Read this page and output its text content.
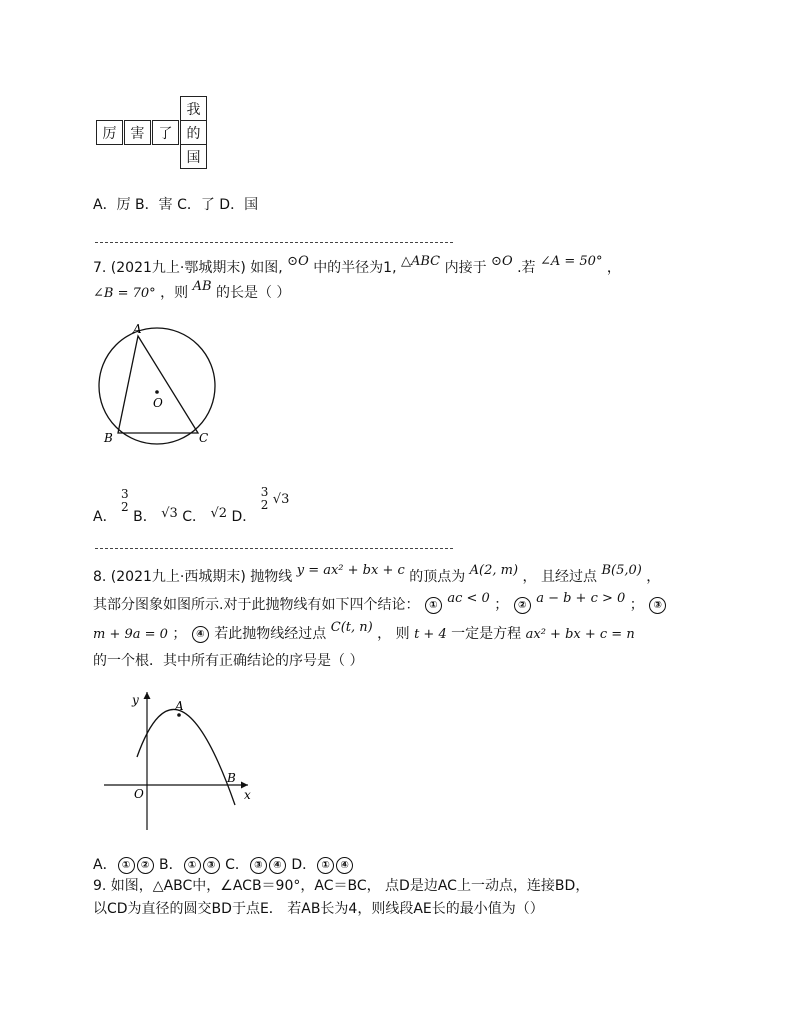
我
厉	害	了	的
国
A．厉 B．害 C．了 D．国
7. (2021九上·鄂城期末) 如图, ⊙O 中的半径为1, △ABC 内接于 ⊙O .若 ∠A = 50° ，
∠B = 70° ，则 AB 的长是（ ）
A
B	C
O
A．
3
2
B． √3 C． √2 D．
3
2 √3
8. (2021九上·西城期末) 抛物线 y = ax² + bx + c 的顶点为 A(2, m) ， 且经过点 B(5,0) ，
其部分图象如图所示.对于此抛物线有如下四个结论： ① ac < 0 ； ② a − b + c > 0 ； ③
m + 9a = 0 ； ④ 若此抛物线经过点 C(t, n) ， 则 t + 4 一定是方程 ax² + bx + c = n
的一个根．其中所有正确结论的序号是（ ）
y
x
O
A
B
A． ① ② B． ① ③ C． ③ ④ D． ① ④
9. 如图，△ABC中，∠ACB＝90°，AC＝BC， 点D是边AC上一动点，连接BD，
以CD为直径的圆交BD于点E． 若AB长为4，则线段AE长的最小值为（）
